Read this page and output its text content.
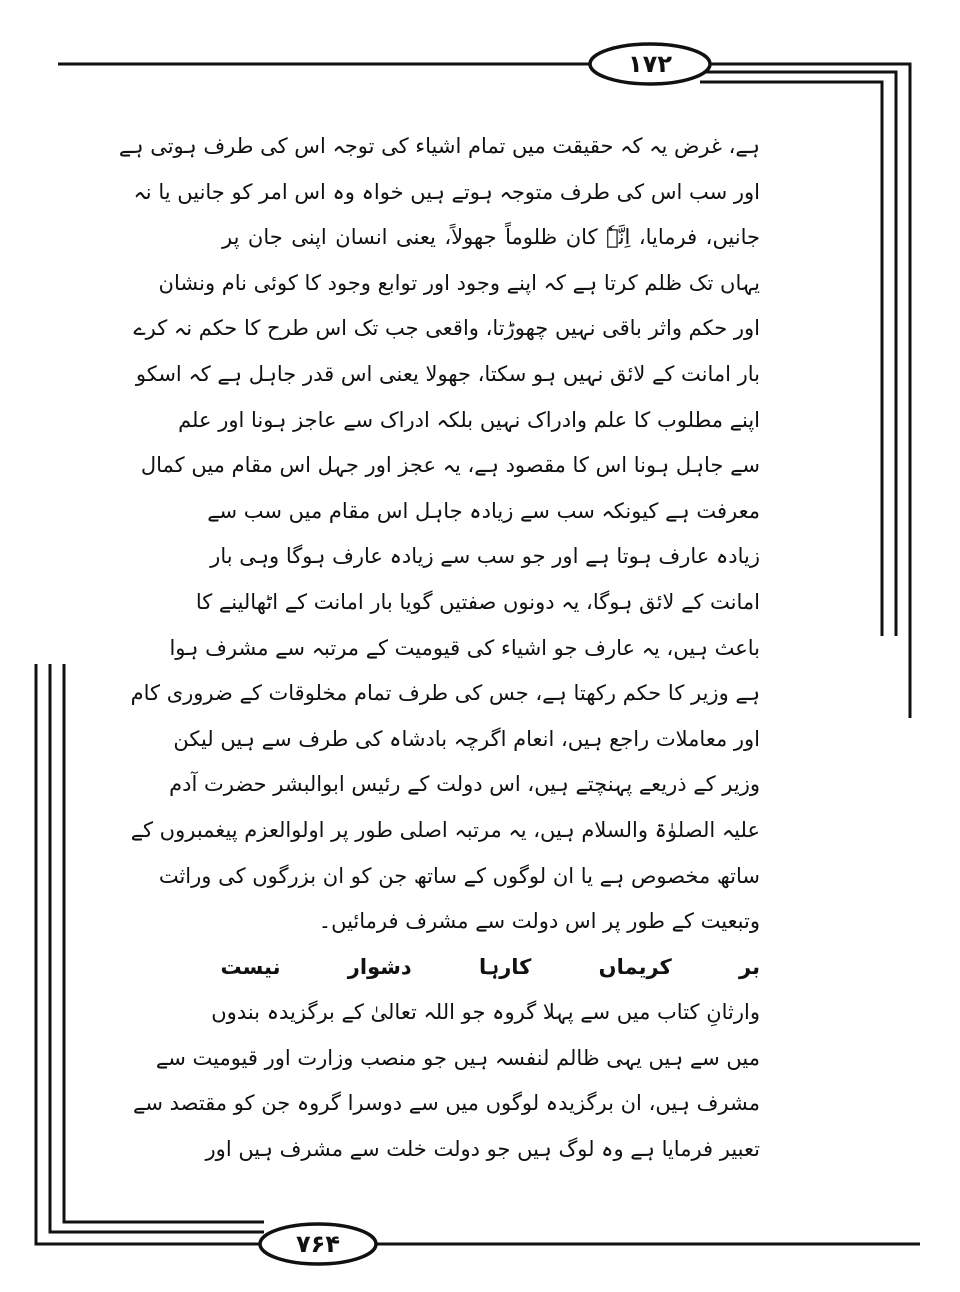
۱۷۲
۷۶۴
ہے، غرض یہ کہ حقیقت میں تمام اشیاء کی توجہ اس کی طرف ہوتی ہے
اور سب اس کی طرف متوجہ ہوتے ہیں خواہ وہ اس امر کو جانیں یا نہ
جانیں، فرمایا، اِنَّہٗ کان ظلوماً جھولاً، یعنی انسان اپنی جان پر
یہاں تک ظلم کرتا ہے کہ اپنے وجود اور توابع وجود کا کوئی نام ونشان
اور حکم واثر باقی نہیں چھوڑتا، واقعی جب تک اس طرح کا حکم نہ کرے
بار امانت کے لائق نہیں ہو سکتا، جھولا یعنی اس قدر جاہل ہے کہ اسکو
اپنے مطلوب کا علم وادراک نہیں بلکہ ادراک سے عاجز ہونا اور علم
سے جاہل ہونا اس کا مقصود ہے، یہ عجز اور جہل اس مقام میں کمال
معرفت ہے کیونکہ سب سے زیادہ جاہل اس مقام میں سب سے
زیادہ عارف ہوتا ہے اور جو سب سے زیادہ عارف ہوگا وہی بار
امانت کے لائق ہوگا، یہ دونوں صفتیں گویا بار امانت کے اٹھالینے کا
باعث ہیں، یہ عارف جو اشیاء کی قیومیت کے مرتبہ سے مشرف ہوا
ہے وزیر کا حکم رکھتا ہے، جس کی طرف تمام مخلوقات کے ضروری کام
اور معاملات راجع ہیں، انعام اگرچہ بادشاہ کی طرف سے ہیں لیکن
وزیر کے ذریعے پہنچتے ہیں، اس دولت کے رئیس ابوالبشر حضرت آدم
علیہ الصلوٰۃ والسلام ہیں، یہ مرتبہ اصلی طور پر اولوالعزم پیغمبروں کے
ساتھ مخصوص ہے یا ان لوگوں کے ساتھ جن کو ان بزرگوں کی وراثت
وتبعیت کے طور پر اس دولت سے مشرف فرمائیں۔
بر کریماں کارہا دشوار نیست
وارثانِ کتاب میں سے پہلا گروہ جو اللہ تعالیٰ کے برگزیدہ بندوں
میں سے ہیں یہی ظالم لنفسہ ہیں جو منصب وزارت اور قیومیت سے
مشرف ہیں، ان برگزیدہ لوگوں میں سے دوسرا گروہ جن کو مقتصد سے
تعبیر فرمایا ہے وہ لوگ ہیں جو دولت خلت سے مشرف ہیں اور
